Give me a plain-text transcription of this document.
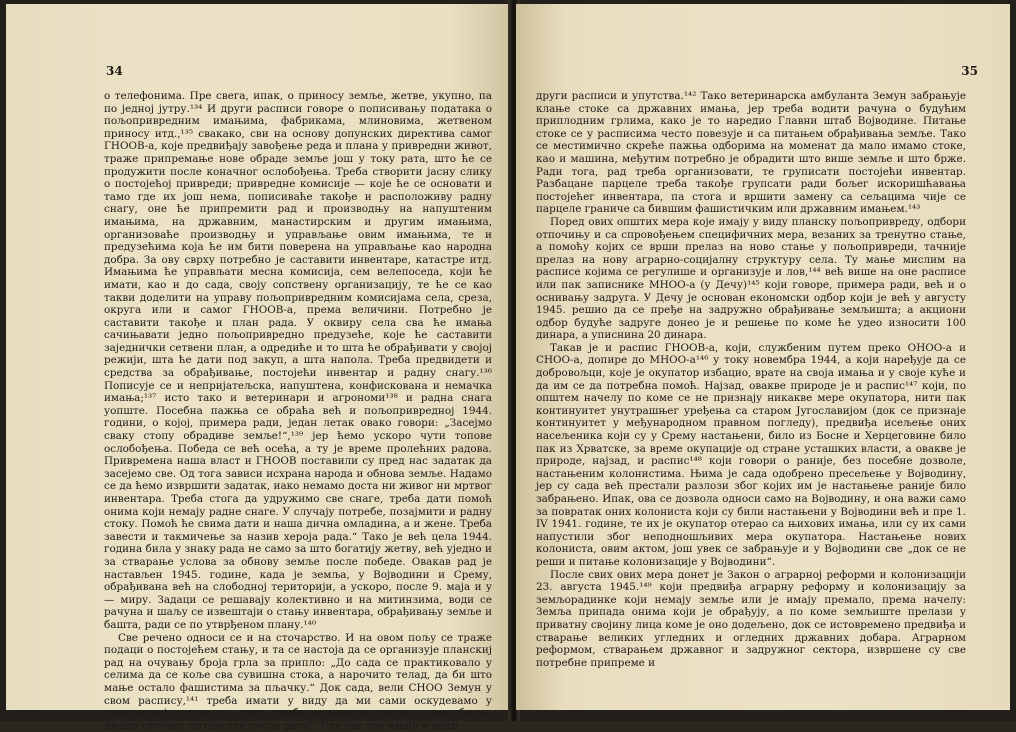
34

о телефонима. Пре свега, ипак, о приносу земље, жетве, укупно, па по једној јутру.¹³⁴ И други расписи говоре о пописивању података о пољопривредним имањима, фабрикама, млиновима, жетвеном приносу итд.,¹³⁵ свакако, сви на основу допунских директива самог ГНООВ-а, које предвиђају завођење реда и плана у привредни живот, траже припремање нове обраде земље још у току рата, што ће се продужити после коначног ослобођења. Треба створити јасну слику о постојећој привреди; привредне комисије — које ће се основати и тамо где их још нема, пописиваће такође и расположиву радну снагу, оне ће припремити рад и производњу на напуштеним имањима, на државним, манастирским и другим имањима, организоваће производњу и управљање овим имањима, те и предузећима која ће им бити поверена на управљање као народна добра. За ову сврху потребно је саставити инвентаре, катастре итд. Имањима ће управљати месна комисија, сем велепоседа, који ће имати, као и до сада, своју сопствену организацију, те ће се као такви доделити на управу пољопривредним комисијама села, среза, округа или и самог ГНООВ-а, према величини. Потребно је саставити такође и план рада. У оквиру села сва ће имања сачињавати једно пољопривредно предузеће, које ће саставити заједнички сетвени план, а одредиће и то шта ће обрађивати у својој режији, шта ће дати под закуп, а шта напола. Треба предвидети и средства за обрађивање, постојећи инвентар и радну снагу.¹³⁶ Пописује се и непријатељска, напуштена, конфискована и немачка имања;¹³⁷ исто тако и ветеринари и агрономи¹³⁸ и радна снага уопште. Посебна пажња се обраћа већ и пољопривредној 1944. години, о којој, примера ради, један летак овако говори: „Засејмо сваку стопу обрадиве земље!“,¹³⁹ јер ћемо ускоро чути топове ослобођења. Победа се већ осећа, а ту је време пролећних радова. Привремена наша власт и ГНООВ поставили су пред нас задатак да засејемо све. Од тога зависи исхрана народа и обнова земље. Надамо се да ћемо извршити задатак, иако немамо доста ни живог ни мртвог инвентара. Треба стога да удружимо све снаге, треба дати помоћ онима који немају радне снаге. У случају потребе, позајмити и радну стоку. Помоћ ће свима дати и наша дична омладина, а и жене. Треба завести и такмичење за назив хероја рада.“ Тако је већ цела 1944. година била у знаку рада не само за што богатију жетву, већ уједно и за стварање услова за обнову земље после победе. Овакав рад је настављен 1945. године, када је земља, у Војводини и Срему, обрађивана већ на слободној територији, а ускоро, после 9. маја и у — миру. Задаци се решавају колективно и на митинзима, води се рачуна и шаљу се извештаји о стању инвентара, обрађивању земље и башта, ради се по утврђеном плану.¹⁴⁰

Све речено односи се и на сточарство. И на овом пољу се траже подаци о постојећем стању, и та се настоја да се организује планскиј рад на очувању броја грла за припло: „До сада се практиковало у селима да се коље сва сувишна стока, а нарочито телад, да би што мање остало фашистима за пљачку.“ Док сада, вели СНОО Земун у свом распису,¹⁴¹ треба имати у виду да ми сами оскудевамо у приплодној стоци, те стога треба остављати телад, „како бисмо имали сточног потомства после рата“. Сличан тон имају и неки

35

други расписи и упутства.¹⁴² Тако ветеринарска амбуланта Земун забрањује клање стоке са државних имања, јер треба водити рачуна о будућим приплодним грлима, како је то наредио Главни штаб Војводине. Питање стоке се у расписима често повезује и са питањем обрађивања земље. Тако се местимично скреће пажња одборима на моменат да мало имамо стоке, као и машина, међутим потребно је обрадити што више земље и што брже. Ради тога, рад треба организовати, те груписати постојећи инвентар. Разбацане парцеле треба такође групсати ради бољег искоришћавања постојећег инвентара, па стога и вршити замену са сељацима чије се парцеле граниче са бившим фашистичким или државним имањем.¹⁴³

Поред ових општих мера које имају у виду планску пољопривреду, одбори отпочињу и са спровођењем специфичних мера, везаних за тренутно стање, а помоћу којих се врши прелаз на ново стање у пољопривреди, тачније прелаз на нову аграрно-социјалну структуру села. Ту мање мислим на расписе којима се регулише и организује и лов,¹⁴⁴ већ више на оне расписе или пак записнике МНОО-а (у Дечу)¹⁴⁵ који говоре, примера ради, већ и о оснивању задруга. У Дечу је основан економски одбор који је већ у августу 1945. решио да се пређе на задружно обрађивање земљишта; а акциони одбор будуће задруге донео је и решење по коме ће удео износити 100 динара, а уписнина 20 динара.

Такав је и распис ГНООВ-а, који, службеним путем преко ОНОО-а и СНОО-а, допире до МНОО-а¹⁴⁶ у току новембра 1944, а који наређује да се добровољци, које је окупатор избацио, врате на своја имања и у своје куће и да им се да потребна помоћ. Најзад, овакве природе је и распис¹⁴⁷ који, по општем начелу по коме се не признају никакве мере окупатора, нити пак континуитет унутрашњег уређења са старом Југославијом (док се признаје континуитет у међународном правном погледу), предвиђа исељење оних насељеника који су у Срему настањени, било из Босне и Херцеговине било пак из Хрватске, за време окупације од стране усташких власти, а овакве је природе, најзад, и распис¹⁴⁸ који говори о раније, без посебне дозволе, настањеним колонистима. Њима је сада одобрено пресељење у Војводину, јер су сада већ престали разлози због којих им је настањење раније било забрањено. Ипак, ова се дозвола односи само на Војводину, и она важи само за повратак оних колониста који су били настањени у Војводини већ и пре 1. IV 1941. године, те их је окупатор отерао са њихових имања, или су их сами напустили због неподношљивих мера окупатора. Настањење нових колониста, овим актом, још увек се забрањује и у Војводини све „док се не реши и питање колонизације у Војводини“.

После свих ових мера донет је Закон о аграрној реформи и колонизацији 23. августа 1945.¹⁴⁹ који предвиђа аграрну реформу и колонизацију за земљорадинке који немају земље или је имају премало, према начелу: Земља припада онима који је обрађују, а по коме земљиште прелази у приватну својину лица коме је оно додељено, док се истовремено предвиђа и стварање великих угледних и огледних државних добара. Аграрном реформом, стварањем државног и задружног сектора, извршене су све потребне припреме и
